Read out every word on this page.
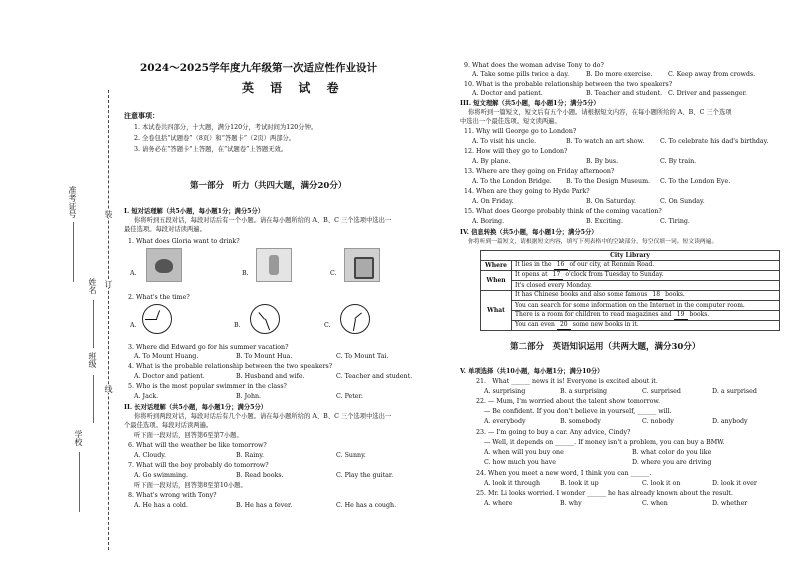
准考证号
姓名
班级
学校
装
订
线
2024～2025学年度九年级第一次适应性作业设计
英 语 试 卷
注意事项：
1. 本试卷共四部分，十大题，满分120分，考试时间为120分钟。
2. 全卷包括“试题卷”（8页）和“答题卡”（2页）两部分。
3. 请务必在“答题卡”上答题，在“试题卷”上答题无效。
第一部分　听力（共四大题，满分20分）
I. 短对话理解（共5小题，每小题1分；满分5分）
你将听到五段对话，每段对话后有一个小题。请在每小题所给的 A、B、C 三个选项中选出一
最佳选项。每段对话读两遍。
1. What does Gloria want to drink?
A.	B.	C.
2. What's the time?
A.	B.	C.
3. Where did Edward go for his summer vacation?
A. To Mount Huang.	B. To Mount Hua.	C. To Mount Tai.
4. What is the probable relationship between the two speakers?
A. Doctor and patient.	B. Husband and wife.	C. Teacher and student.
5. Who is the most popular swimmer in the class?
A. Jack.	B. John.	C. Peter.
II. 长对话理解（共5小题，每小题1分；满分5分）
你将听到两段对话，每段对话后有几个小题。请在每小题所给的 A、B、C 三个选项中选出一
个最佳选项。每段对话读两遍。
听下面一段对话，回答第6至第7小题。
6. What will the weather be like tomorrow?
A. Cloudy.	B. Rainy.	C. Sunny.
7. What will the boy probably do tomorrow?
A. Go swimming.	B. Read books.	C. Play the guitar.
听下面一段对话，回答第8至第10小题。
8. What's wrong with Tony?
A. He has a cold.	B. He has a fever.	C. He has a cough.
9. What does the woman advise Tony to do?
A. Take some pills twice a day.	B. Do more exercise. C. Keep away from crowds.
10. What is the probable relationship between the two speakers?
A. Doctor and patient.	B. Teacher and student. C. Driver and passenger.
III. 短文理解（共5小题，每小题1分；满分5分）
你将听到一篇短文，短文后有五个小题。请根据短文内容，在每小题所给的 A、B、C 三个选项
中选出一个最佳选项。短文读两遍。
11. Why will George go to London?
A. To visit his uncle.	B. To watch an art show.	C. To celebrate his dad's birthday.
12. How will they go to London?
A. By plane.	B. By bus.	C. By train.
13. Where are they going on Friday afternoon?
A. To the London Bridge. B. To the Design Museum. C. To the London Eye.
14. When are they going to Hyde Park?
A. On Friday.	B. On Saturday.	C. On Sunday.
15. What does George probably think of the coming vacation?
A. Boring.	B. Exciting.	C. Tiring.
IV. 信息转换（共5小题，每小题1分；满分5分）
你将听到一篇短文，请根据短文内容，填写下列表格中的空缺部分，每空仅填一词。短文读两遍。
City Library	
Where	It lies in the 16 of our city, at Renmin Road.
When	It opens at 17 o'clock from Tuesday to Sunday.
	It's closed every Monday.
What	It has Chinese books and also some famous 18 books.
	You can search for some information on the Internet in the computer room.
	There is a room for children to read magazines and 19 books.
	You can even 20 some new books in it.
第二部分　英语知识运用（共两大题，满分30分）
V. 单项选择（共10小题，每小题1分；满分10分）
21.　What ______ news it is! Everyone is excited about it.
A. surprising	B. a surprising	C. surprised	D. a surprised
22. — Mum, I'm worried about the talent show tomorrow.
— Be confident. If you don't believe in yourself, ______ will.
A. everybody	B. somebody	C. nobody	D. anybody
23. — I'm going to buy a car. Any advice, Cindy?
— Well, it depends on ______. If money isn't a problem, you can buy a BMW.
A. when will you buy one	B. what color do you like
C. how much you have	D. where you are driving
24. When you meet a new word, I think you can ______.
A. look it through	B. look it up	C. look it on	D. look it over
25. Mr. Li looks worried. I wonder ______ he has already known about the result.
A. where	B. why	C. when	D. whether
